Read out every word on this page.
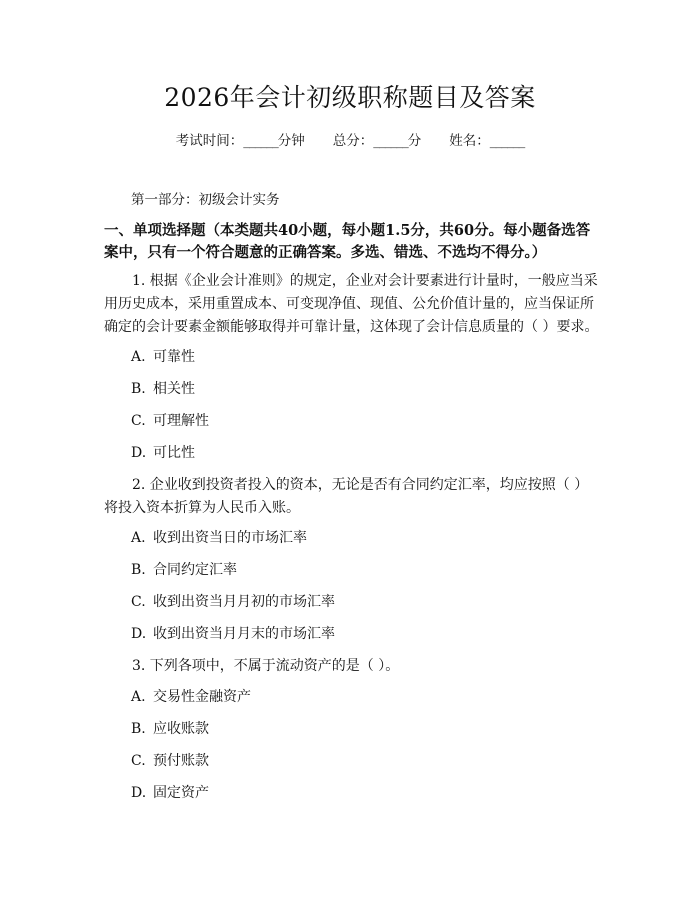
2026年会计初级职称题目及答案
考试时间：______分钟 总分：______分 姓名：______
第一部分：初级会计实务
一、单项选择题（本类题共40小题，每小题1.5分，共60分。每小题备选答案中，只有一个符合题意的正确答案。多选、错选、不选均不得分。）
1. 根据《企业会计准则》的规定，企业对会计要素进行计量时，一般应当采用历史成本，采用重置成本、可变现净值、现值、公允价值计量的，应当保证所确定的会计要素金额能够取得并可靠计量，这体现了会计信息质量的（ ）要求。
A. 可靠性
B. 相关性
C. 可理解性
D. 可比性
2. 企业收到投资者投入的资本，无论是否有合同约定汇率，均应按照（ ）将投入资本折算为人民币入账。
A. 收到出资当日的市场汇率
B. 合同约定汇率
C. 收到出资当月月初的市场汇率
D. 收到出资当月月末的市场汇率
3. 下列各项中，不属于流动资产的是（ ）。
A. 交易性金融资产
B. 应收账款
C. 预付账款
D. 固定资产
